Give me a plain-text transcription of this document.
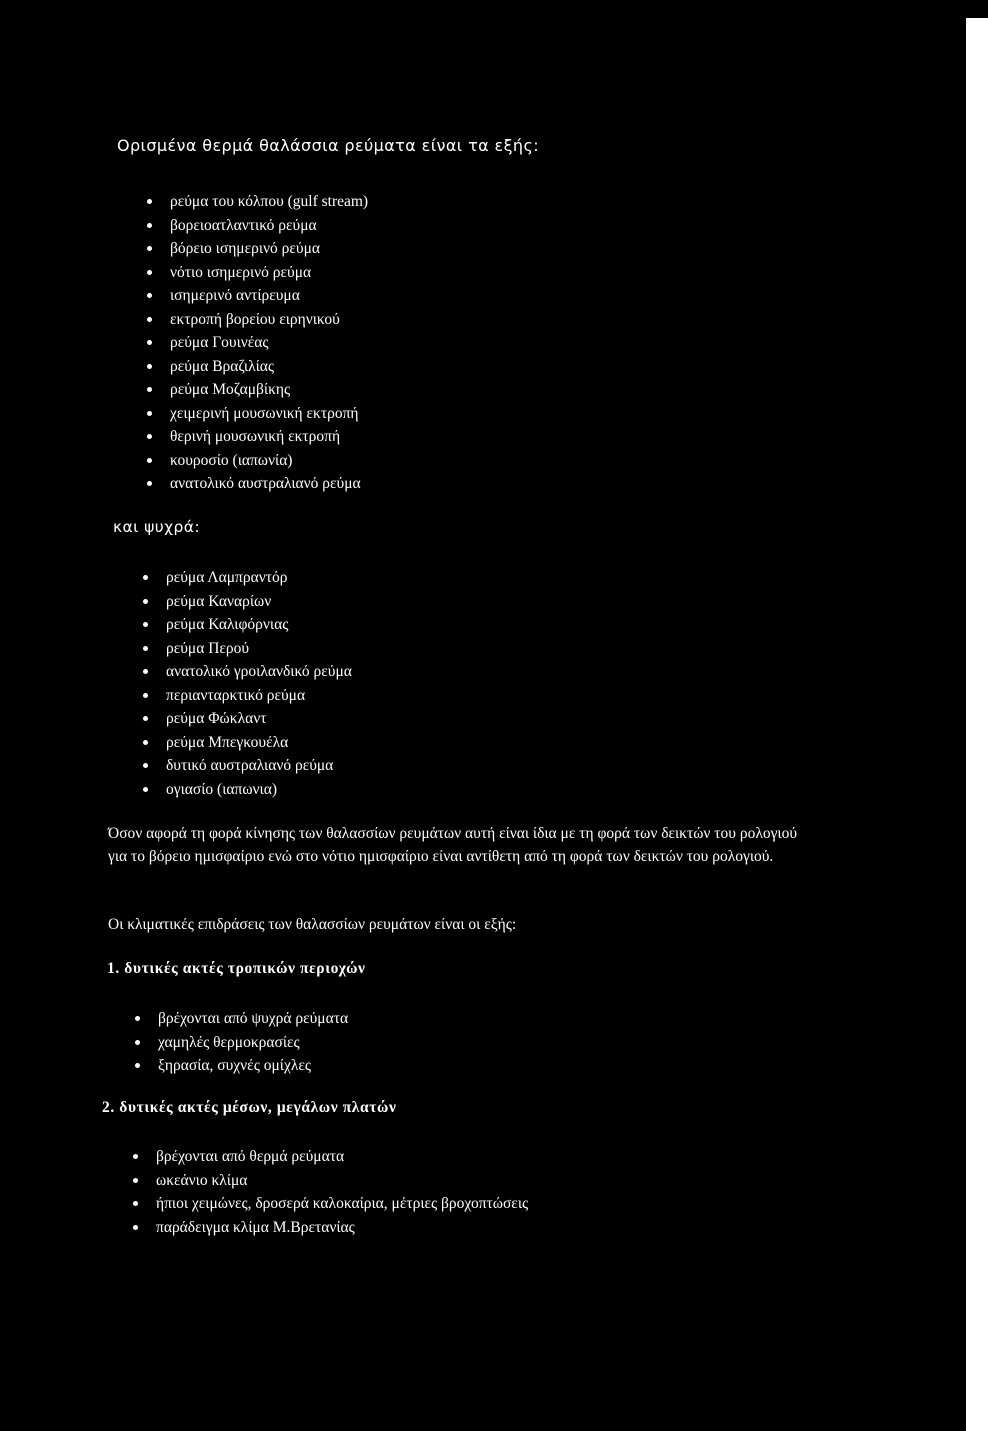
Ορισμένα θερμά θαλάσσια ρεύματα είναι τα εξής:
ρεύμα του κόλπου (gulf stream)
βορειοατλαντικό ρεύμα
βόρειο ισημερινό ρεύμα
νότιο ισημερινό ρεύμα
ισημερινό αντίρευμα
εκτροπή βορείου ειρηνικού
ρεύμα Γουινέας
ρεύμα Βραζιλίας
ρεύμα Μοζαμβίκης
χειμερινή μουσωνική εκτροπή
θερινή μουσωνική εκτροπή
κουροσίο (ιαπωνία)
ανατολικό αυστραλιανό ρεύμα
και ψυχρά:
ρεύμα Λαμπραντόρ
ρεύμα Καναρίων
ρεύμα Καλιφόρνιας
ρεύμα Περού
ανατολικό γροιλανδικό ρεύμα
περιανταρκτικό ρεύμα
ρεύμα Φώκλαντ
ρεύμα Μπεγκουέλα
δυτικό αυστραλιανό ρεύμα
ογιασίο (ιαπωνια)
Όσον αφορά τη φορά κίνησης των θαλασσίων ρευμάτων αυτή είναι ίδια με τη φορά των δεικτών του ρολογιού για το βόρειο ημισφαίριο ενώ στο νότιο ημισφαίριο είναι αντίθετη από τη φορά των δεικτών του ρολογιού.
Οι κλιματικές επιδράσεις των θαλασσίων ρευμάτων είναι οι εξής:
1. δυτικές ακτές τροπικών περιοχών
βρέχονται από ψυχρά ρεύματα
χαμηλές θερμοκρασίες
ξηρασία, συχνές ομίχλες
2. δυτικές ακτές μέσων, μεγάλων πλατών
βρέχονται από θερμά ρεύματα
ωκεάνιο κλίμα
ήπιοι χειμώνες, δροσερά καλοκαίρια, μέτριες βροχοπτώσεις
παράδειγμα κλίμα Μ.Βρετανίας
